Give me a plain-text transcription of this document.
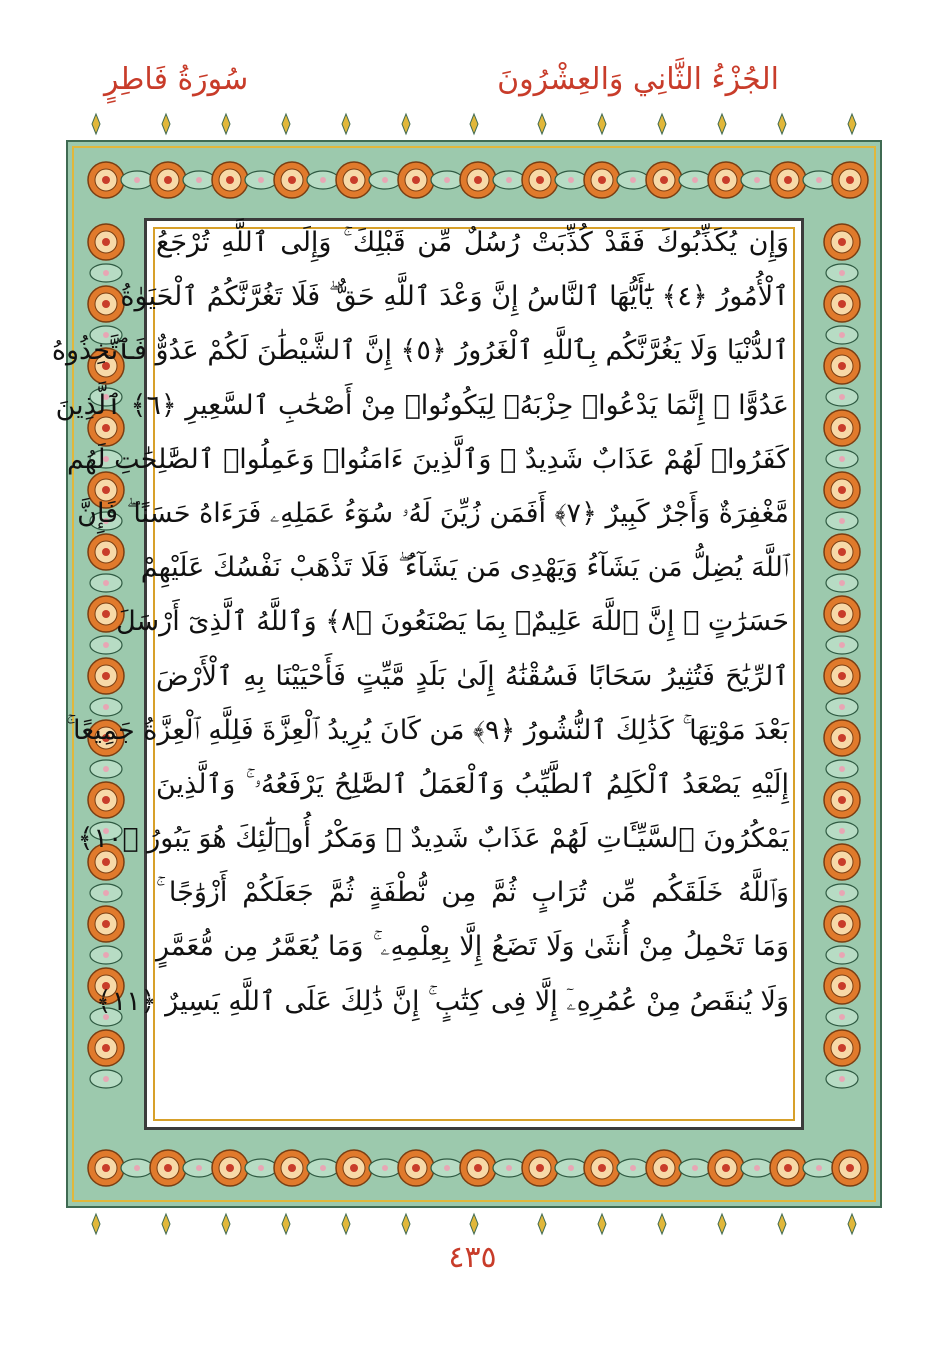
الجُزْءُ الثَّانِي وَالعِشْرُونَ
سُورَةُ فَاطِرٍ
وَإِن يُكَذِّبُوكَ فَقَدْ كُذِّبَتْ رُسُلٌ مِّن قَبْلِكَ ۚ وَإِلَى ٱللَّهِ تُرْجَعُ
ٱلْأُمُورُ ﴿٤﴾ يَٰٓأَيُّهَا ٱلنَّاسُ إِنَّ وَعْدَ ٱللَّهِ حَقٌّ ۖ فَلَا تَغُرَّنَّكُمُ ٱلْحَيَوٰةُ
ٱلدُّنْيَا وَلَا يَغُرَّنَّكُم بِٱللَّهِ ٱلْغَرُورُ ﴿٥﴾ إِنَّ ٱلشَّيْطَٰنَ لَكُمْ عَدُوٌّ فَٱتَّخِذُوهُ
عَدُوًّا ۚ إِنَّمَا يَدْعُوا۟ حِزْبَهُۥ لِيَكُونُوا۟ مِنْ أَصْحَٰبِ ٱلسَّعِيرِ ﴿٦﴾ ٱلَّذِينَ
كَفَرُوا۟ لَهُمْ عَذَابٌ شَدِيدٌ ۖ وَٱلَّذِينَ ءَامَنُوا۟ وَعَمِلُوا۟ ٱلصَّٰلِحَٰتِ لَهُم
مَّغْفِرَةٌ وَأَجْرٌ كَبِيرٌ ﴿٧﴾ أَفَمَن زُيِّنَ لَهُۥ سُوٓءُ عَمَلِهِۦ فَرَءَاهُ حَسَنًا ۖ فَإِنَّ
ٱللَّهَ يُضِلُّ مَن يَشَآءُ وَيَهْدِى مَن يَشَآءُ ۖ فَلَا تَذْهَبْ نَفْسُكَ عَلَيْهِمْ
حَسَرَٰتٍ ۚ إِنَّ ٱللَّهَ عَلِيمٌۢ بِمَا يَصْنَعُونَ ﴿٨﴾ وَٱللَّهُ ٱلَّذِىٓ أَرْسَلَ
ٱلرِّيَٰحَ فَتُثِيرُ سَحَابًا فَسُقْنَٰهُ إِلَىٰ بَلَدٍ مَّيِّتٍ فَأَحْيَيْنَا بِهِ ٱلْأَرْضَ
بَعْدَ مَوْتِهَا ۚ كَذَٰلِكَ ٱلنُّشُورُ ﴿٩﴾ مَن كَانَ يُرِيدُ ٱلْعِزَّةَ فَلِلَّهِ ٱلْعِزَّةُ جَمِيعًا ۚ
إِلَيْهِ يَصْعَدُ ٱلْكَلِمُ ٱلطَّيِّبُ وَٱلْعَمَلُ ٱلصَّٰلِحُ يَرْفَعُهُۥ ۚ وَٱلَّذِينَ
يَمْكُرُونَ ٱلسَّيِّـَٔاتِ لَهُمْ عَذَابٌ شَدِيدٌ ۖ وَمَكْرُ أُو۟لَٰٓئِكَ هُوَ يَبُورُ ﴿١٠﴾
وَٱللَّهُ خَلَقَكُم مِّن تُرَابٍ ثُمَّ مِن نُّطْفَةٍ ثُمَّ جَعَلَكُمْ أَزْوَٰجًا ۚ
وَمَا تَحْمِلُ مِنْ أُنثَىٰ وَلَا تَضَعُ إِلَّا بِعِلْمِهِۦ ۚ وَمَا يُعَمَّرُ مِن مُّعَمَّرٍ
وَلَا يُنقَصُ مِنْ عُمُرِهِۦٓ إِلَّا فِى كِتَٰبٍ ۚ إِنَّ ذَٰلِكَ عَلَى ٱللَّهِ يَسِيرٌ ﴿١١﴾
٤٣٥
